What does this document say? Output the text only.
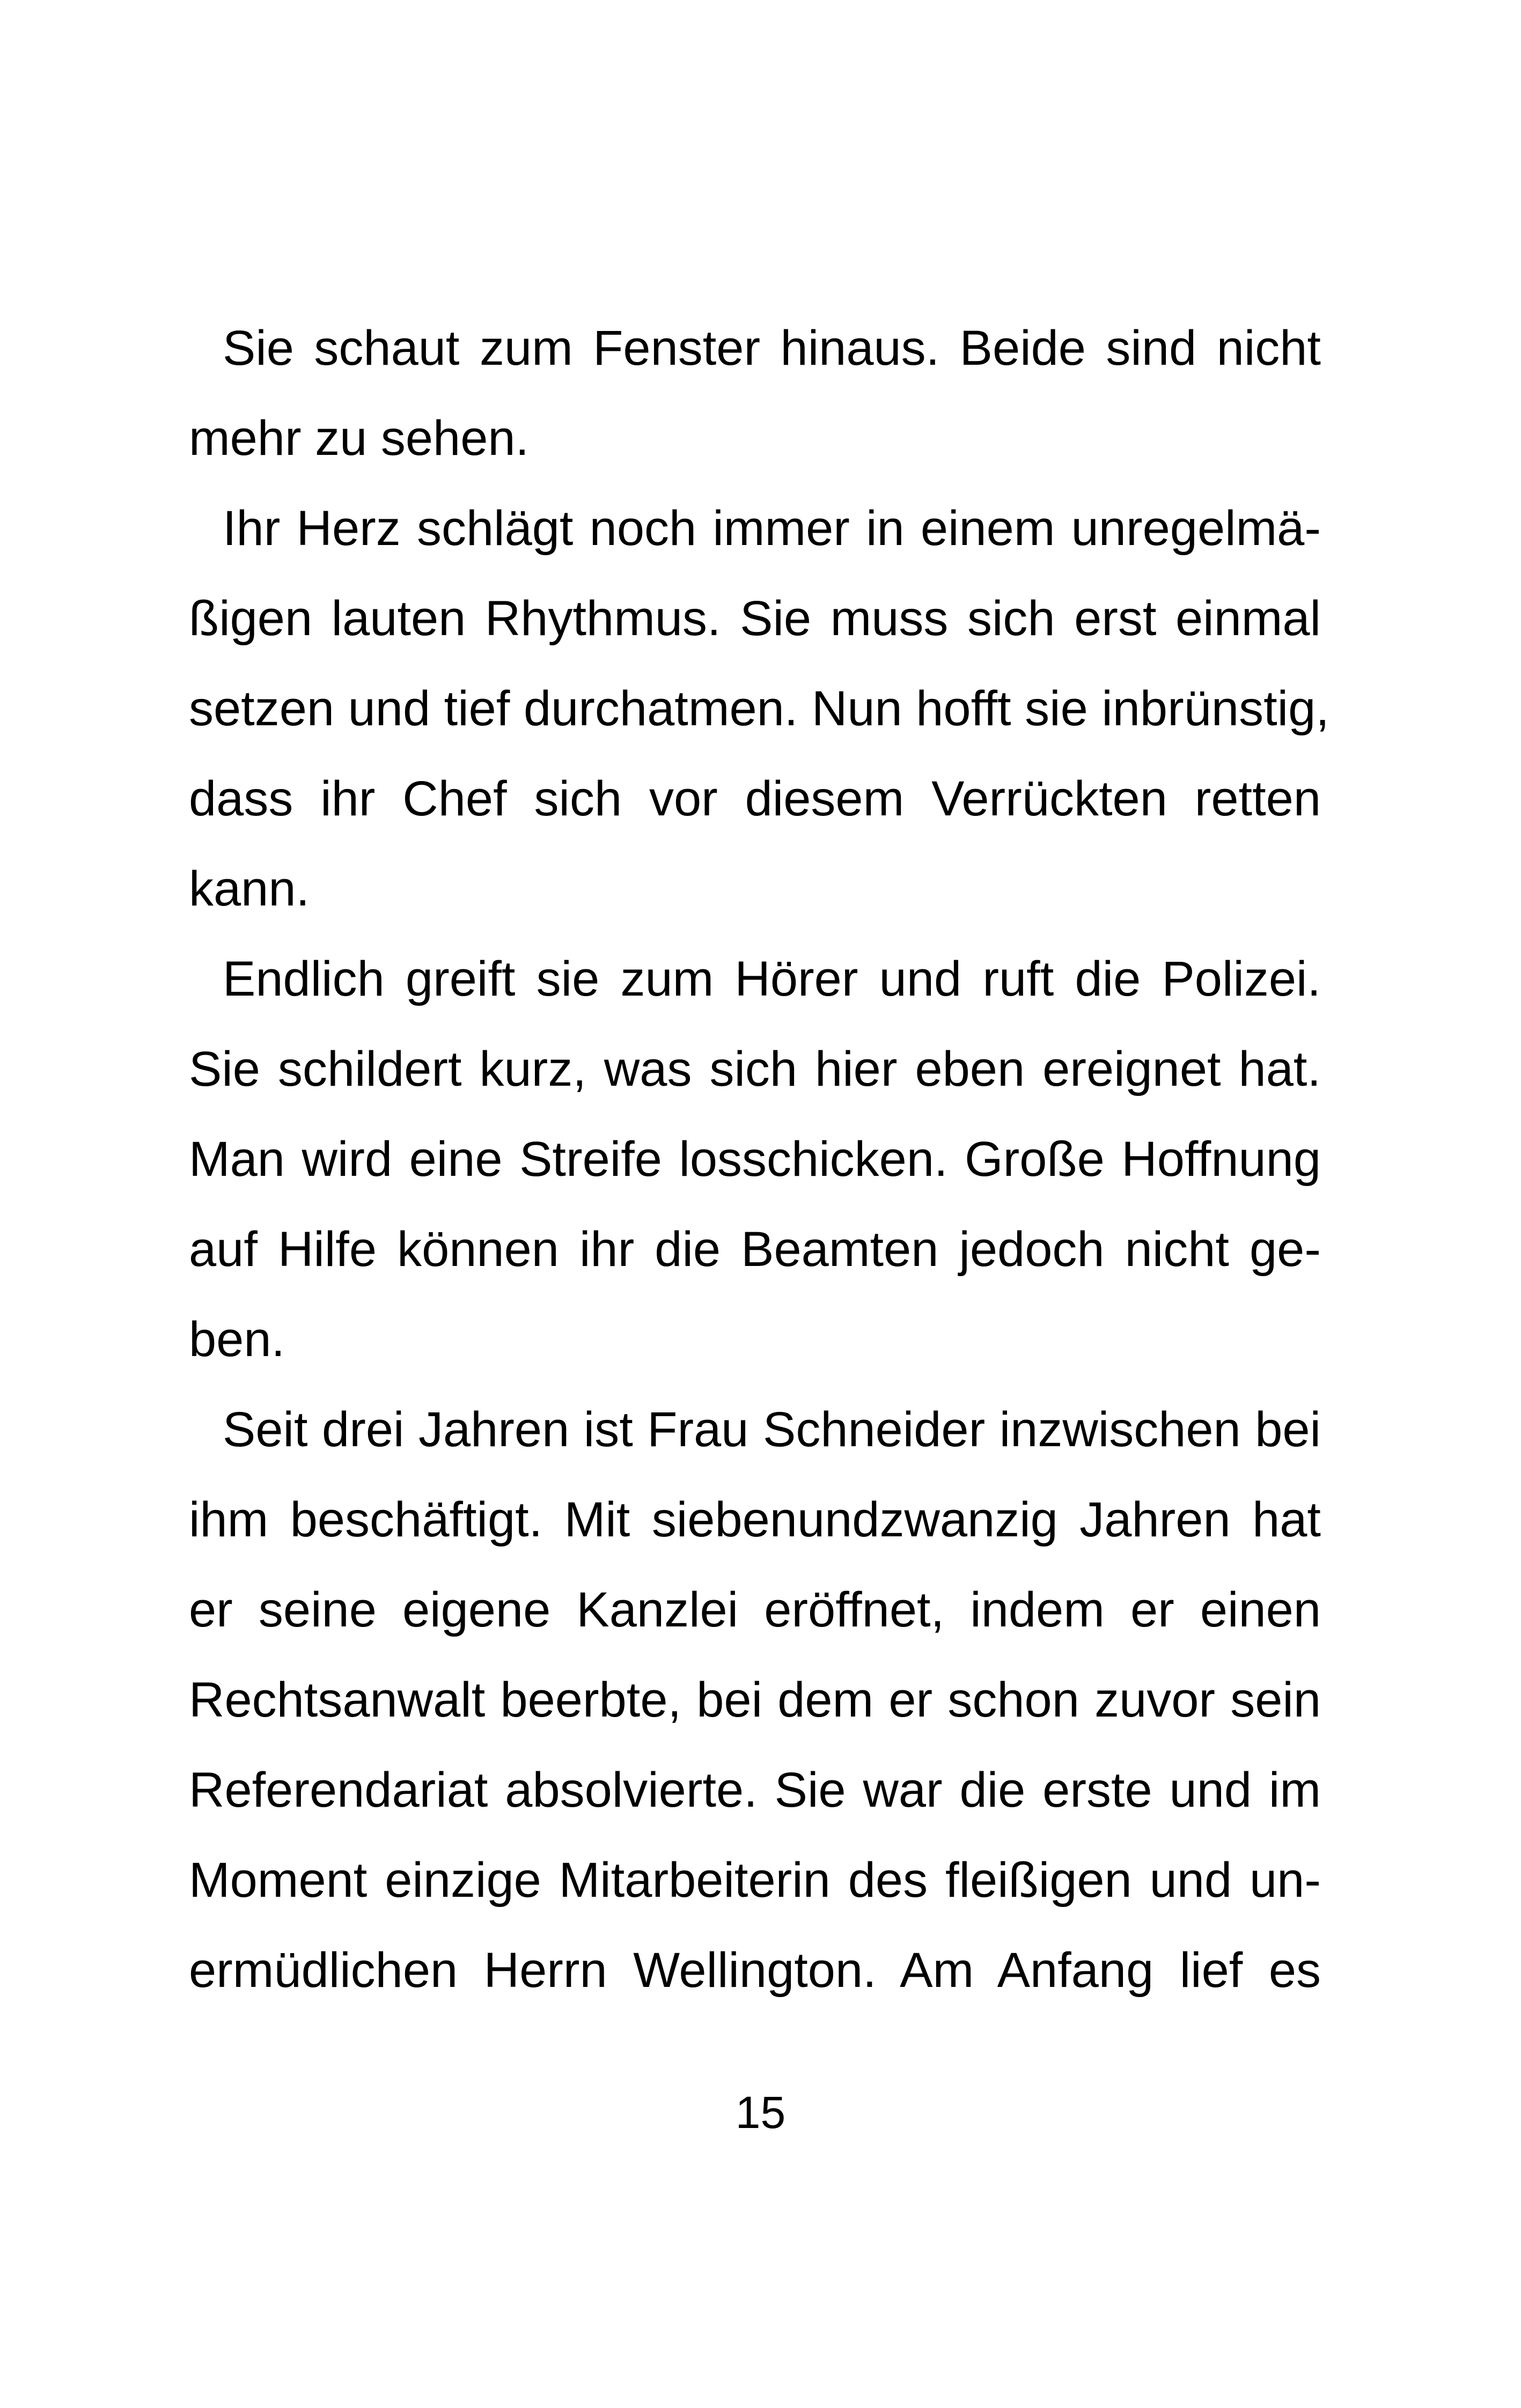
Sie schaut zum Fenster hinaus. Beide sind nicht
mehr zu sehen.
Ihr Herz schlägt noch immer in einem unregelmä-
ßigen lauten Rhythmus. Sie muss sich erst einmal
setzen und tief durchatmen. Nun hofft sie inbrünstig,
dass ihr Chef sich vor diesem Verrückten retten
kann.
Endlich greift sie zum Hörer und ruft die Polizei.
Sie schildert kurz, was sich hier eben ereignet hat.
Man wird eine Streife losschicken. Große Hoffnung
auf Hilfe können ihr die Beamten jedoch nicht ge-
ben.
Seit drei Jahren ist Frau Schneider inzwischen bei
ihm beschäftigt. Mit siebenundzwanzig Jahren hat
er seine eigene Kanzlei eröffnet, indem er einen
Rechtsanwalt beerbte, bei dem er schon zuvor sein
Referendariat absolvierte. Sie war die erste und im
Moment einzige Mitarbeiterin des fleißigen und un-
ermüdlichen Herrn Wellington. Am Anfang lief es
15
